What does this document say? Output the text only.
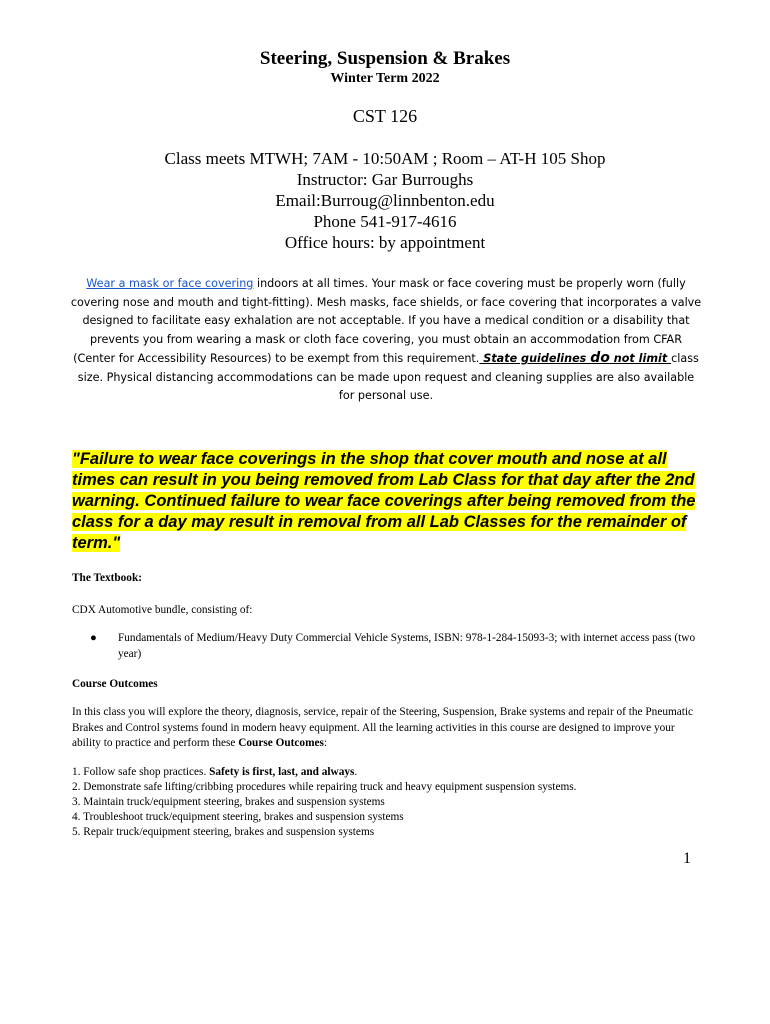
Steering, Suspension & Brakes
Winter Term 2022
CST 126
Class meets MTWH; 7AM - 10:50AM ; Room – AT-H 105 Shop
Instructor: Gar Burroughs
Email:Burroug@linnbenton.edu
Phone 541-917-4616
Office hours: by appointment
Wear a mask or face covering indoors at all times. Your mask or face covering must be properly worn (fully covering nose and mouth and tight-fitting). Mesh masks, face shields, or face covering that incorporates a valve designed to facilitate easy exhalation are not acceptable. If you have a medical condition or a disability that prevents you from wearing a mask or cloth face covering, you must obtain an accommodation from CFAR (Center for Accessibility Resources) to be exempt from this requirement. State guidelines do not limit class size. Physical distancing accommodations can be made upon request and cleaning supplies are also available for personal use.
"Failure to wear face coverings in the shop that cover mouth and nose at all times can result in you being removed from Lab Class for that day after the 2nd warning. Continued failure to wear face coverings after being removed from the class for a day may result in removal from all Lab Classes for the remainder of term."
The Textbook:
CDX Automotive bundle, consisting of:
●	Fundamentals of Medium/Heavy Duty Commercial Vehicle Systems, ISBN: 978-1-284-15093-3; with internet access pass (two year)
Course Outcomes
In this class you will explore the theory, diagnosis, service, repair of the Steering, Suspension, Brake systems and repair of the Pneumatic Brakes and Control systems found in modern heavy equipment. All the learning activities in this course are designed to improve your ability to practice and perform these Course Outcomes:
1. Follow safe shop practices. Safety is first, last, and always.
2. Demonstrate safe lifting/cribbing procedures while repairing truck and heavy equipment suspension systems.
3. Maintain truck/equipment steering, brakes and suspension systems
4. Troubleshoot truck/equipment steering, brakes and suspension systems
5. Repair truck/equipment steering, brakes and suspension systems
1
